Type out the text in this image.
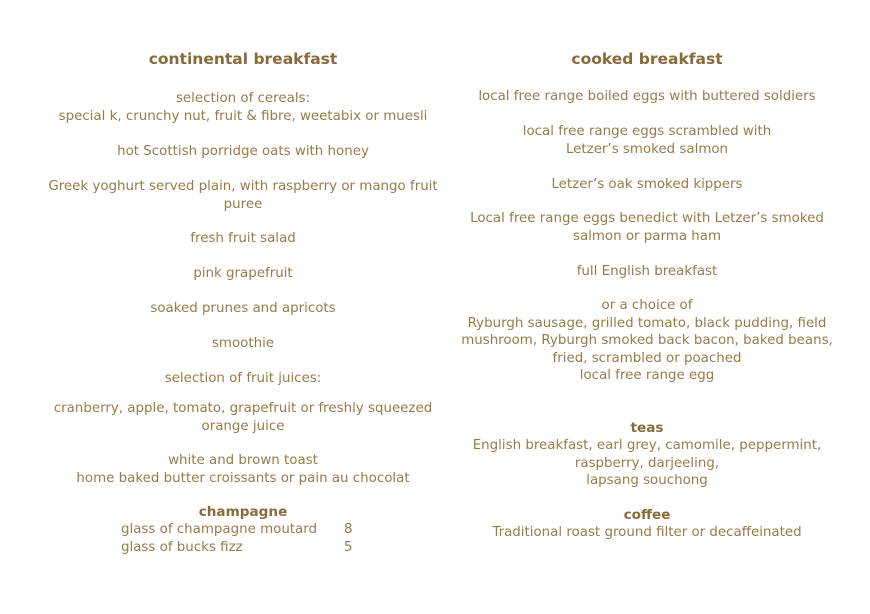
continental breakfast
selection of cereals:
special k, crunchy nut, fruit & fibre, weetabix or muesli
hot Scottish porridge oats with honey
Greek yoghurt served plain, with raspberry or mango fruit
puree
fresh fruit salad
pink grapefruit
soaked prunes and apricots
smoothie
selection of fruit juices:
cranberry, apple, tomato, grapefruit or freshly squeezed
orange juice
white and brown toast
home baked butter croissants or pain au chocolat
champagne
glass of champagne moutard 8
glass of bucks fizz	5
cooked breakfast
local free range boiled eggs with buttered soldiers
local free range eggs scrambled with
Letzer’s smoked salmon
Letzer’s oak smoked kippers
Local free range eggs benedict with Letzer’s smoked
salmon or parma ham
full English breakfast
or a choice of
Ryburgh sausage, grilled tomato, black pudding, field
mushroom, Ryburgh smoked back bacon, baked beans,
fried, scrambled or poached
local free range egg
teas
English breakfast, earl grey, camomile, peppermint,
raspberry, darjeeling,
lapsang souchong
coffee
Traditional roast ground filter or decaffeinated
